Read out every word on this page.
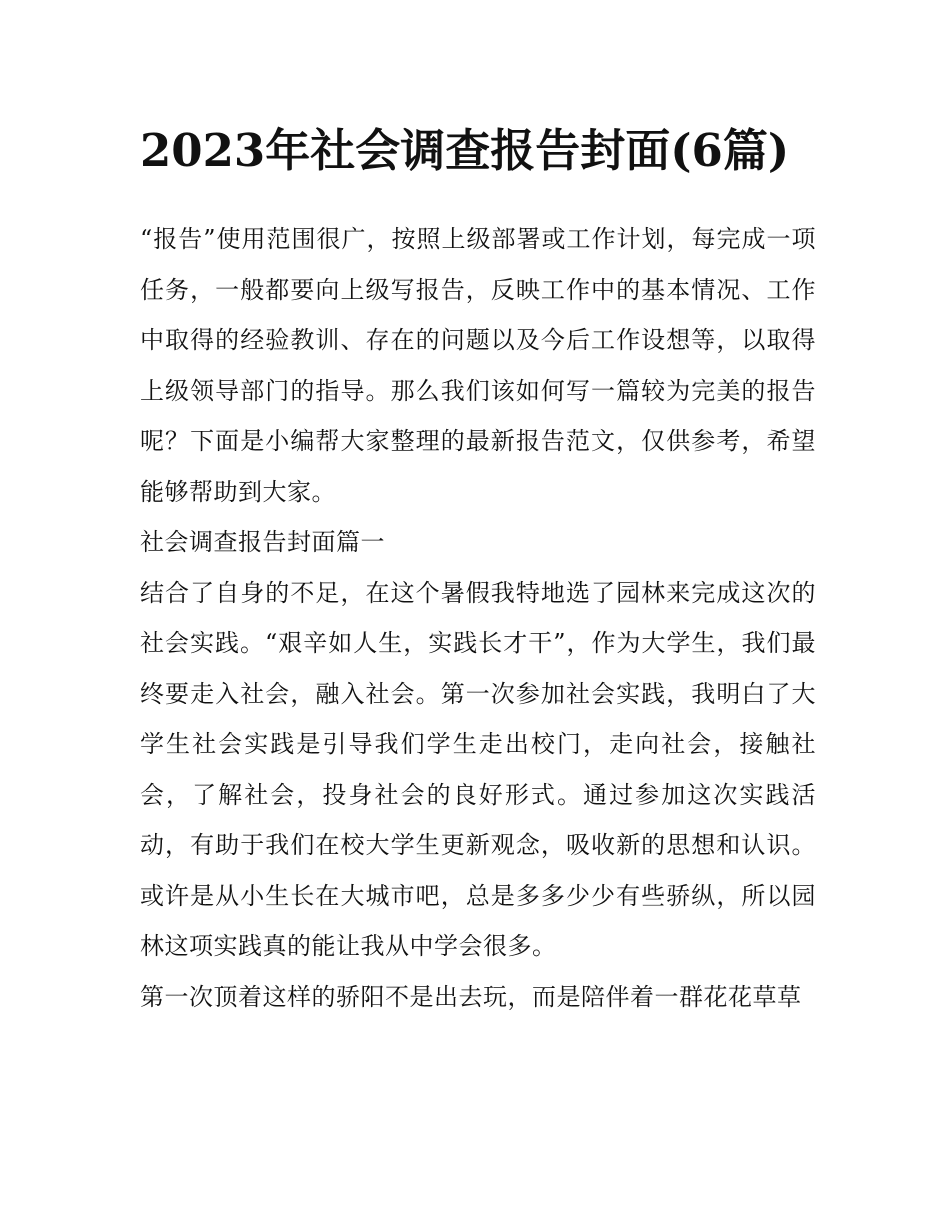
2023年社会调查报告封面(6篇)

“报告”使用范围很广，按照上级部署或工作计划，每完成一项任务，一般都要向上级写报告，反映工作中的基本情况、工作中取得的经验教训、存在的问题以及今后工作设想等，以取得上级领导部门的指导。那么我们该如何写一篇较为完美的报告呢？下面是小编帮大家整理的最新报告范文，仅供参考，希望能够帮助到大家。

社会调查报告封面篇一

结合了自身的不足，在这个暑假我特地选了园林来完成这次的社会实践。“艰辛如人生，实践长才干”，作为大学生，我们最终要走入社会，融入社会。第一次参加社会实践，我明白了大学生社会实践是引导我们学生走出校门，走向社会，接触社会，了解社会，投身社会的良好形式。通过参加这次实践活动，有助于我们在校大学生更新观念，吸收新的思想和认识。或许是从小生长在大城市吧，总是多多少少有些骄纵，所以园林这项实践真的能让我从中学会很多。

第一次顶着这样的骄阳不是出去玩，而是陪伴着一群花花草草
